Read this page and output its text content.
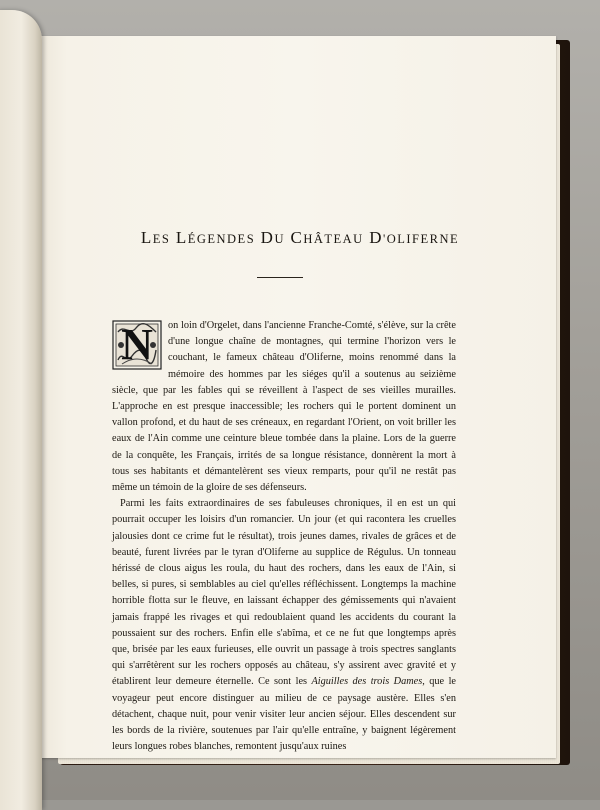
LES LÉGENDES DU CHÂTEAU D'OLIFERNE

N	on loin d'Orgelet, dans l'ancienne Franche-Comté, s'élève, sur la crête d'une longue chaîne de montagnes, qui termine l'horizon vers le couchant, le fameux château d'Oliferne, moins renommé dans la mémoire des hommes par les siéges qu'il a soutenus au seizième siècle, que par les fables qui se réveillent à l'aspect de ses vieilles murailles. L'approche en est presque inaccessible; les rochers qui le portent dominent un vallon profond, et du haut de ses créneaux, en regardant l'Orient, on voit briller les eaux de l'Ain comme une ceinture bleue tombée dans la plaine. Lors de la guerre de la conquête, les Français, irrités de sa longue résistance, donnèrent la mort à tous ses habitants et démantelèrent ses vieux remparts, pour qu'il ne restât pas même un témoin de la gloire de ses défenseurs.

Parmi les faits extraordinaires de ses fabuleuses chroniques, il en est un qui pourrait occuper les loisirs d'un romancier. Un jour (et qui racontera les cruelles jalousies dont ce crime fut le résultat), trois jeunes dames, rivales de grâces et de beauté, furent livrées par le tyran d'Oliferne au supplice de Régulus. Un tonneau hérissé de clous aigus les roula, du haut des rochers, dans les eaux de l'Ain, si belles, si pures, si semblables au ciel qu'elles réfléchissent. Longtemps la machine horrible flotta sur le fleuve, en laissant échapper des gémissements qui n'avaient jamais frappé les rivages et qui redoublaient quand les accidents du courant la poussaient sur des rochers. Enfin elle s'abîma, et ce ne fut que longtemps après que, brisée par les eaux furieuses, elle ouvrit un passage à trois spectres sanglants qui s'arrêtèrent sur les rochers opposés au château, s'y assirent avec gravité et y établirent leur demeure éternelle. Ce sont les Aiguilles des trois Dames, que le voyageur peut encore distinguer au milieu de ce paysage austère. Elles s'en détachent, chaque nuit, pour venir visiter leur ancien séjour. Elles descendent sur les bords de la rivière, soutenues par l'air qu'elle entraîne, y baignent légèrement leurs longues robes blanches, remontent jusqu'aux ruines
